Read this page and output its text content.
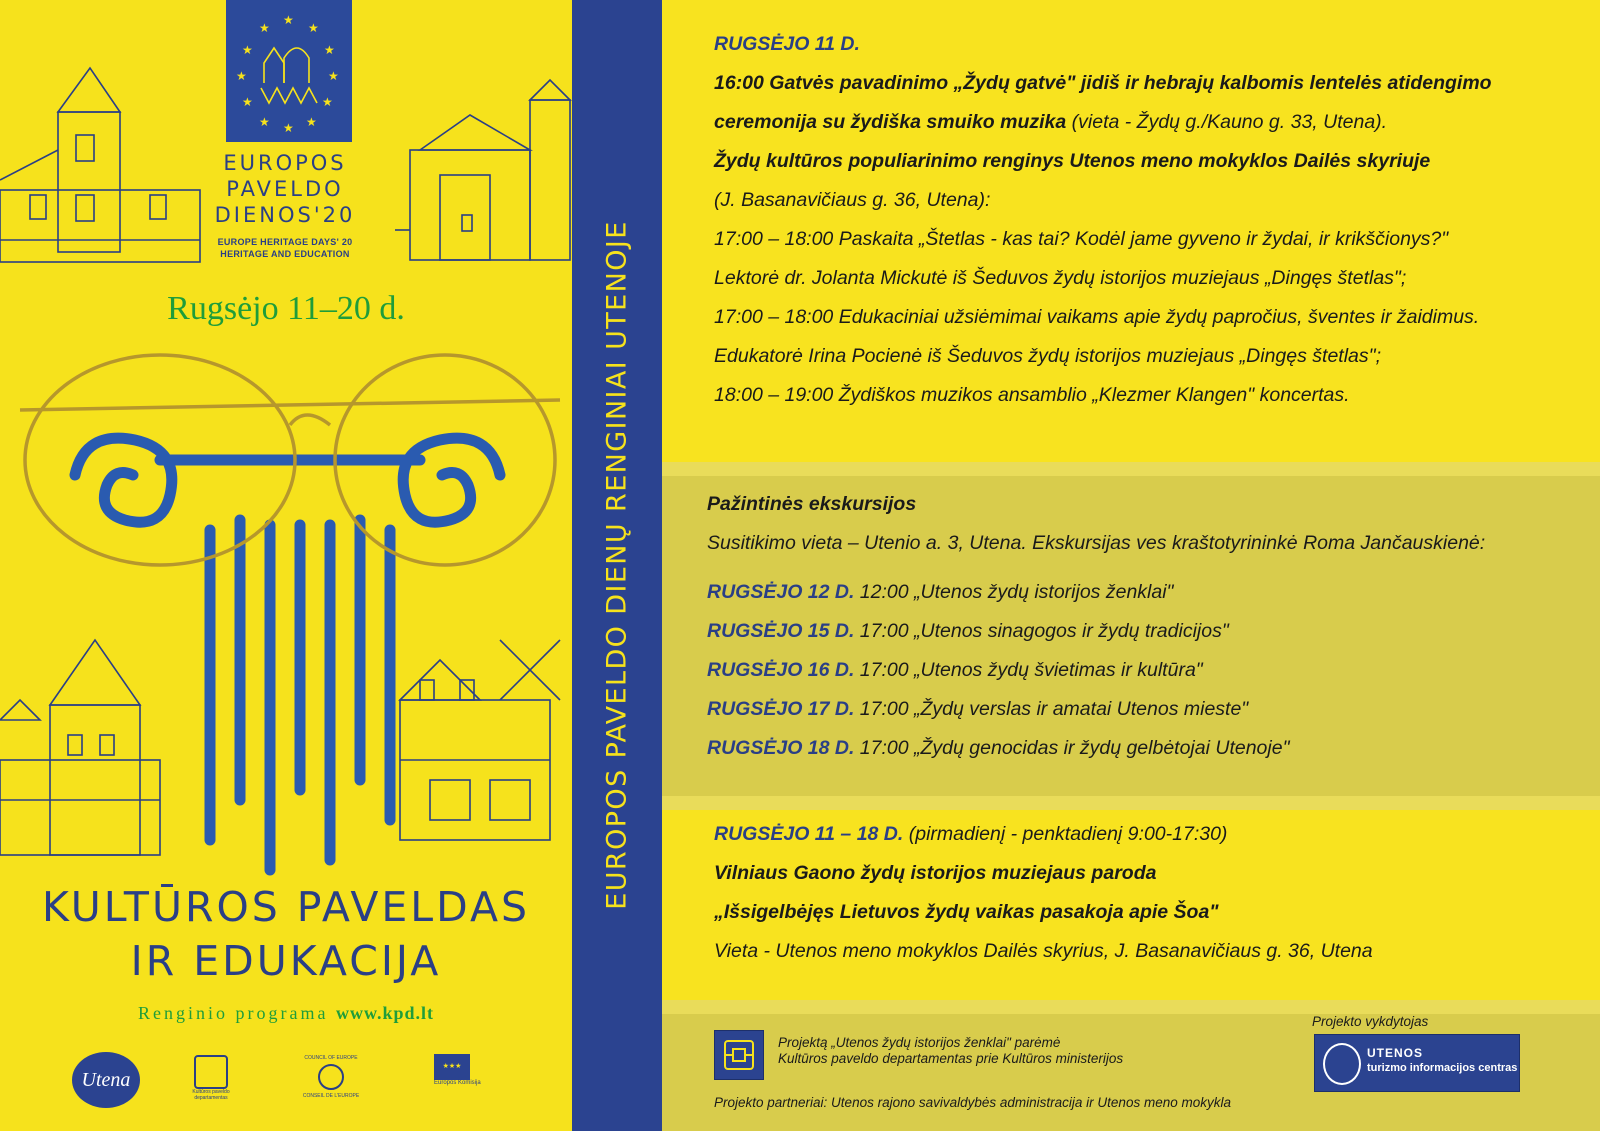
★
★
★
★
★
★
★
★
★
★
★
★
EUROPOS
PAVELDO
DIENOS'20
EUROPE HERITAGE DAYS' 20
HERITAGE AND EDUCATION
Rugsėjo 11–20 d.
KULTŪROS PAVELDAS
IR EDUKACIJA
Renginio programa www.kpd.lt
Utena
Kultūros paveldo departamentas
COUNCIL OF EUROPE
CONSEIL DE L'EUROPE
★★★
Europos Komisija
EUROPOS PAVELDO DIENŲ RENGINIAI UTENOJE

RUGSĖJO 11 D.

16:00 Gatvės pavadinimo „Žydų gatvė" jidiš ir hebrajų kalbomis lentelės atidengimo

ceremonija su žydiška smuiko muzika (vieta - Žydų g./Kauno g. 33, Utena).

Žydų kultūros populiarinimo renginys Utenos meno mokyklos Dailės skyriuje

(J. Basanavičiaus g. 36, Utena):

17:00 – 18:00 Paskaita „Štetlas - kas tai? Kodėl jame gyveno ir žydai, ir krikščionys?"

Lektorė dr. Jolanta Mickutė iš Šeduvos žydų istorijos muziejaus „Dingęs štetlas";

17:00 – 18:00 Edukaciniai užsiėmimai vaikams apie žydų papročius, šventes ir žaidimus.

Edukatorė Irina Pocienė iš Šeduvos žydų istorijos muziejaus „Dingęs štetlas";

18:00 – 19:00 Žydiškos muzikos ansamblio „Klezmer Klangen" koncertas.

Pažintinės ekskursijos

Susitikimo vieta – Utenio a. 3, Utena. Ekskursijas ves kraštotyrininkė Roma Jančauskienė:

RUGSĖJO 12 D. 12:00 „Utenos žydų istorijos ženklai"

RUGSĖJO 15 D. 17:00 „Utenos sinagogos ir žydų tradicijos"

RUGSĖJO 16 D. 17:00 „Utenos žydų švietimas ir kultūra"

RUGSĖJO 17 D. 17:00 „Žydų verslas ir amatai Utenos mieste"

RUGSĖJO 18 D. 17:00 „Žydų genocidas ir žydų gelbėtojai Utenoje"

RUGSĖJO 11 – 18 D. (pirmadienį - penktadienį 9:00-17:30)

Vilniaus Gaono žydų istorijos muziejaus paroda

„Išsigelbėjęs Lietuvos žydų vaikas pasakoja apie Šoa"

Vieta - Utenos meno mokyklos Dailės skyrius, J. Basanavičiaus g. 36, Utena

Projektą „Utenos žydų istorijos ženklai" parėmė
Kultūros paveldo departamentas prie Kultūros ministerijos
Projekto partneriai: Utenos rajono savivaldybės administracija ir Utenos meno mokykla
Projekto vykdytojas
UTENOS
turizmo informacijos centras
